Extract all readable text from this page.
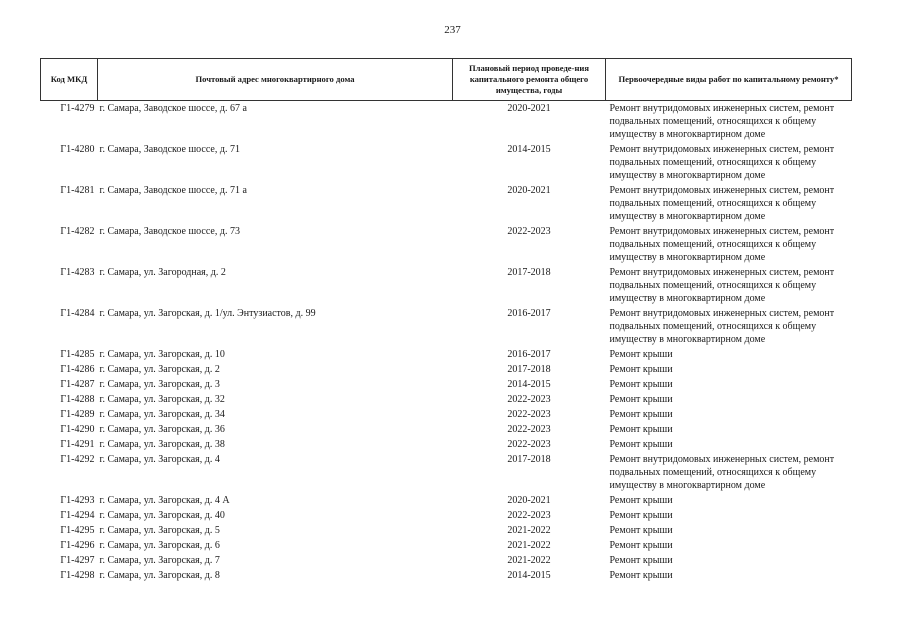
237
Код МКД	Почтовый адрес многоквартирного дома	Плановый период проведе-ния капитального ремонта общего имущества, годы	Первоочередные виды работ по капитальному ремонту*
Г1-4279	г. Самара, Заводское шоссе, д. 67 а	2020-2021	Ремонт внутридомовых инженерных систем, ремонт подвальных помещений, относящихся к общему имуществу в многоквартирном доме
Г1-4280	г. Самара, Заводское шоссе, д. 71	2014-2015	Ремонт внутридомовых инженерных систем, ремонт подвальных помещений, относящихся к общему имуществу в многоквартирном доме
Г1-4281	г. Самара, Заводское шоссе, д. 71 а	2020-2021	Ремонт внутридомовых инженерных систем, ремонт подвальных помещений, относящихся к общему имуществу в многоквартирном доме
Г1-4282	г. Самара, Заводское шоссе, д. 73	2022-2023	Ремонт внутридомовых инженерных систем, ремонт подвальных помещений, относящихся к общему имуществу в многоквартирном доме
Г1-4283	г. Самара, ул. Загородная, д. 2	2017-2018	Ремонт внутридомовых инженерных систем, ремонт подвальных помещений, относящихся к общему имуществу в многоквартирном доме
Г1-4284	г. Самара, ул. Загорская, д. 1/ул. Энтузиастов, д. 99	2016-2017	Ремонт внутридомовых инженерных систем, ремонт подвальных помещений, относящихся к общему имуществу в многоквартирном доме
Г1-4285	г. Самара, ул. Загорская, д. 10	2016-2017	Ремонт крыши
Г1-4286	г. Самара, ул. Загорская, д. 2	2017-2018	Ремонт крыши
Г1-4287	г. Самара, ул. Загорская, д. 3	2014-2015	Ремонт крыши
Г1-4288	г. Самара, ул. Загорская, д. 32	2022-2023	Ремонт крыши
Г1-4289	г. Самара, ул. Загорская, д. 34	2022-2023	Ремонт крыши
Г1-4290	г. Самара, ул. Загорская, д. 36	2022-2023	Ремонт крыши
Г1-4291	г. Самара, ул. Загорская, д. 38	2022-2023	Ремонт крыши
Г1-4292	г. Самара, ул. Загорская, д. 4	2017-2018	Ремонт внутридомовых инженерных систем, ремонт подвальных помещений, относящихся к общему имуществу в многоквартирном доме
Г1-4293	г. Самара, ул. Загорская, д. 4 А	2020-2021	Ремонт крыши
Г1-4294	г. Самара, ул. Загорская, д. 40	2022-2023	Ремонт крыши
Г1-4295	г. Самара, ул. Загорская, д. 5	2021-2022	Ремонт крыши
Г1-4296	г. Самара, ул. Загорская, д. 6	2021-2022	Ремонт крыши
Г1-4297	г. Самара, ул. Загорская, д. 7	2021-2022	Ремонт крыши
Г1-4298	г. Самара, ул. Загорская, д. 8	2014-2015	Ремонт крыши
